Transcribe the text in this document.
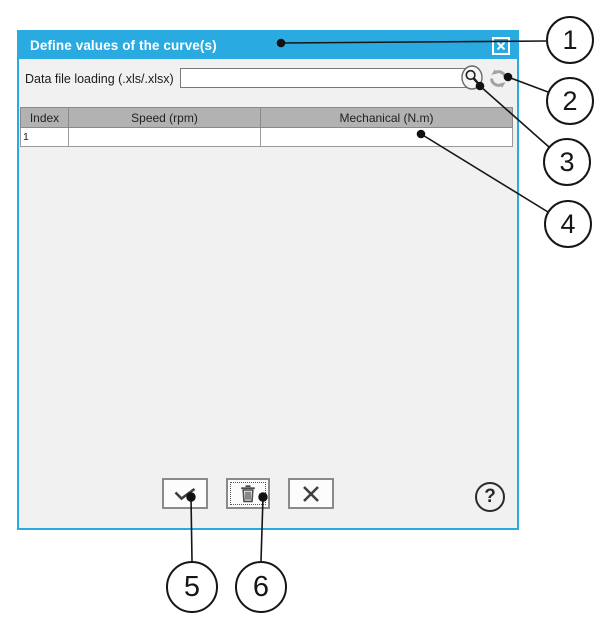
Define values of the curve(s)
Data file loading (.xls/.xlsx)
Index	Speed (rpm)	Mechanical (N.m)
1		
?
1
2
3
4
5	6
